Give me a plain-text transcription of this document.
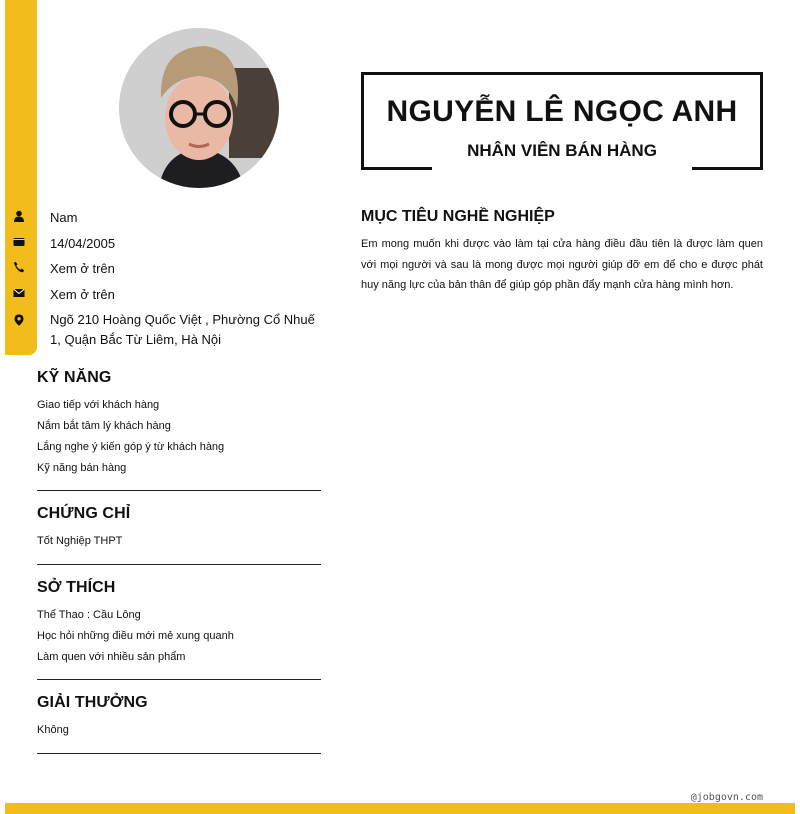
Nam
14/04/2005
Xem ở trên
Xem ở trên
Ngõ 210 Hoàng Quốc Việt , Phường Cổ Nhuế 1, Quận Bắc Từ Liêm, Hà Nội
KỸ NĂNG
Giao tiếp với khách hàng
Nắm bắt tâm lý khách hàng
Lắng nghe ý kiến góp ý từ khách hàng
Kỹ năng bán hàng
CHỨNG CHỈ
Tốt Nghiệp THPT
SỞ THÍCH
Thể Thao : Cầu Lông
Học hỏi những điều mới mẻ xung quanh
Làm quen với nhiều sản phẩm
GIẢI THƯỞNG
Không
NGUYỄN LÊ NGỌC ANH
NHÂN VIÊN BÁN HÀNG
MỤC TIÊU NGHỀ NGHIỆP

Em mong muốn khi được vào làm tại cửa hàng điều đầu tiên là được làm quen với mọi người và sau là mong được mọi người giúp đỡ em để cho e được phát huy năng lực của bản thân để giúp góp phần đẩy mạnh cửa hàng mình hơn.

@jobgovn.com
